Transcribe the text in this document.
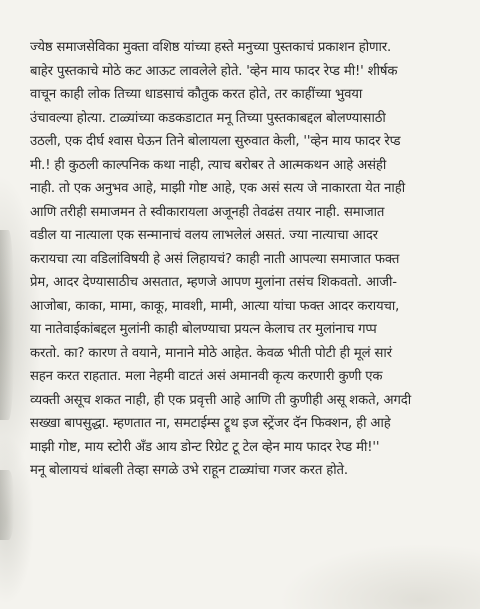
ज्येष्ठ समाजसेविका मुक्ता वशिष्ठ यांच्या हस्ते मनुच्या पुस्तकाचं प्रकाशन होणार.
बाहेर पुस्तकाचे मोठे कट आऊट लावलेले होते. 'व्हेन माय फादर रेप्ड मी!' शीर्षक
वाचून काही लोक तिच्या धाडसाचं कौतुक करत होते, तर काहींच्या भुवया
उंचावल्या होत्या. टाळ्यांच्या कडकडाटात मनू तिच्या पुस्तकाबद्दल बोलण्यासाठी
उठली, एक दीर्घ श्वास घेऊन तिने बोलायला सुरुवात केली, ''व्हेन माय फादर रेप्ड
मी.! ही कुठली काल्पनिक कथा नाही, त्याच बरोबर ते आत्मकथन आहे असंही
नाही. तो एक अनुभव आहे, माझी गोष्ट आहे, एक असं सत्य जे नाकारता येत नाही
आणि तरीही समाजमन ते स्वीकारायला अजूनही तेवढंस तयार नाही. समाजात
वडील या नात्याला एक सन्मानाचं वलय लाभलेलं असतं. ज्या नात्याचा आदर
करायचा त्या वडिलांविषयी हे असं लिहायचं? काही नाती आपल्या समाजात फक्त
प्रेम, आदर देण्यासाठीच असतात, म्हणजे आपण मुलांना तसंच शिकवतो. आजी-
आजोबा, काका, मामा, काकू, मावशी, मामी, आत्या यांचा फक्त आदर करायचा,
या नातेवाईकांबद्दल मुलांनी काही बोलण्याचा प्रयत्न केलाच तर मुलांनाच गप्प
करतो. का? कारण ते वयाने, मानाने मोठे आहेत. केवळ भीती पोटी ही मूलं सारं
सहन करत राहतात. मला नेहमी वाटतं असं अमानवी कृत्य करणारी कुणी एक
व्यक्ती असूच शकत नाही, ही एक प्रवृत्ती आहे आणि ती कुणीही असू शकते, अगदी
सख्खा बापसुद्धा. म्हणतात ना, समटाईम्स ट्रूथ इज स्ट्रेंजर दॅन फिक्शन, ही आहे
माझी गोष्ट, माय स्टोरी अँड आय डोन्ट रिग्रेट टू टेल व्हेन माय फादर रेप्ड मी!''
मनू बोलायचं थांबली तेव्हा सगळे उभे राहून टाळ्यांचा गजर करत होते.
